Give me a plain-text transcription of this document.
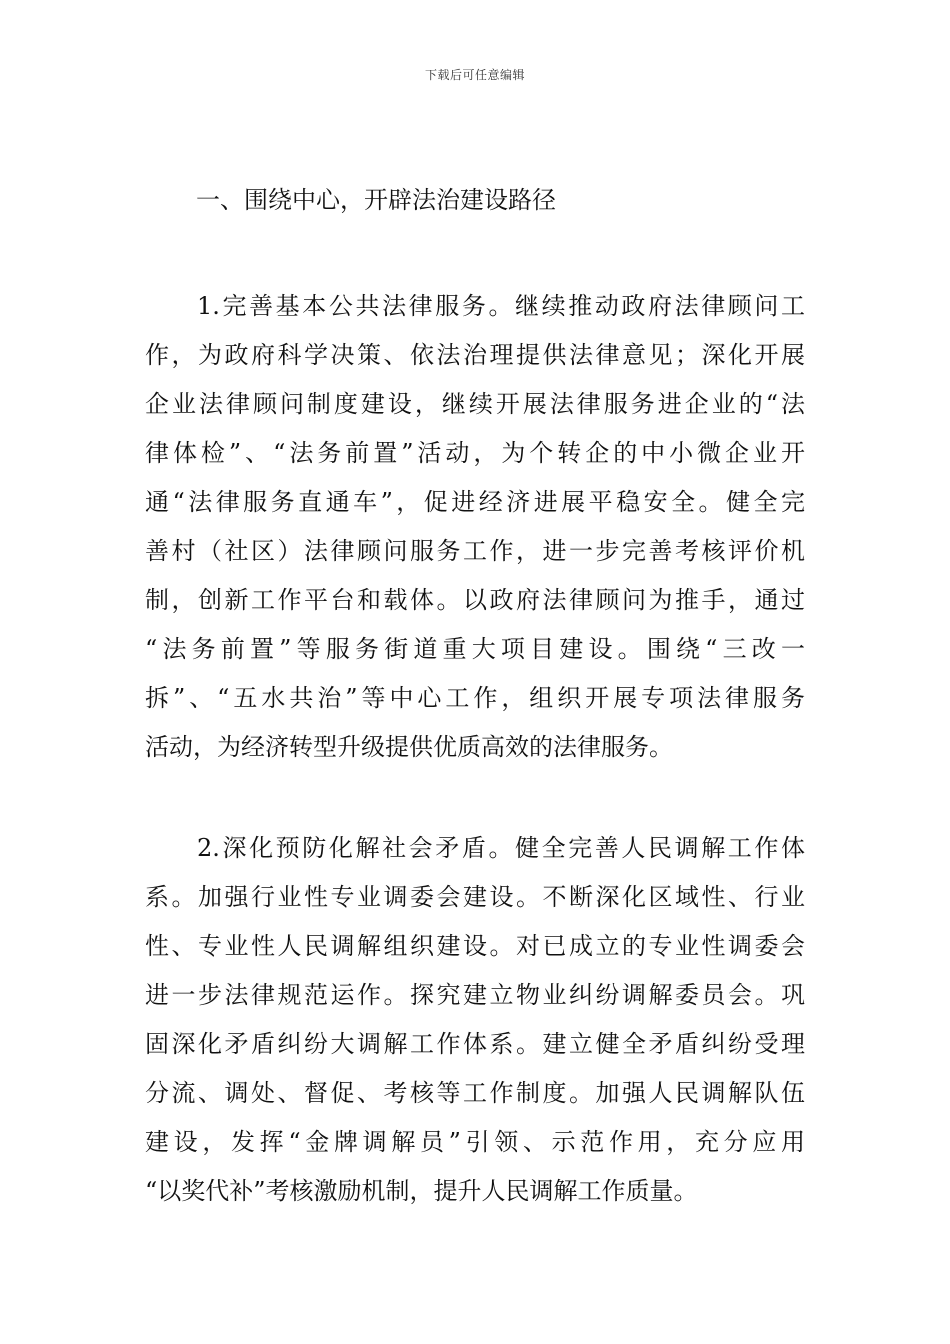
下载后可任意编辑
一、围绕中心，开辟法治建设路径
1.完善基本公共法律服务。继续推动政府法律顾问工
作，为政府科学决策、依法治理提供法律意见；深化开展
企业法律顾问制度建设，继续开展法律服务进企业的“法
律体检”、“法务前置”活动，为个转企的中小微企业开
通“法律服务直通车”，促进经济进展平稳安全。健全完
善村（社区）法律顾问服务工作，进一步完善考核评价机
制，创新工作平台和载体。以政府法律顾问为推手，通过
“法务前置”等服务街道重大项目建设。围绕“三改一
拆”、“五水共治”等中心工作，组织开展专项法律服务
活动，为经济转型升级提供优质高效的法律服务。
2.深化预防化解社会矛盾。健全完善人民调解工作体
系。加强行业性专业调委会建设。不断深化区域性、行业
性、专业性人民调解组织建设。对已成立的专业性调委会
进一步法律规范运作。探究建立物业纠纷调解委员会。巩
固深化矛盾纠纷大调解工作体系。建立健全矛盾纠纷受理
分流、调处、督促、考核等工作制度。加强人民调解队伍
建设，发挥“金牌调解员”引领、示范作用，充分应用
“以奖代补”考核激励机制，提升人民调解工作质量。
